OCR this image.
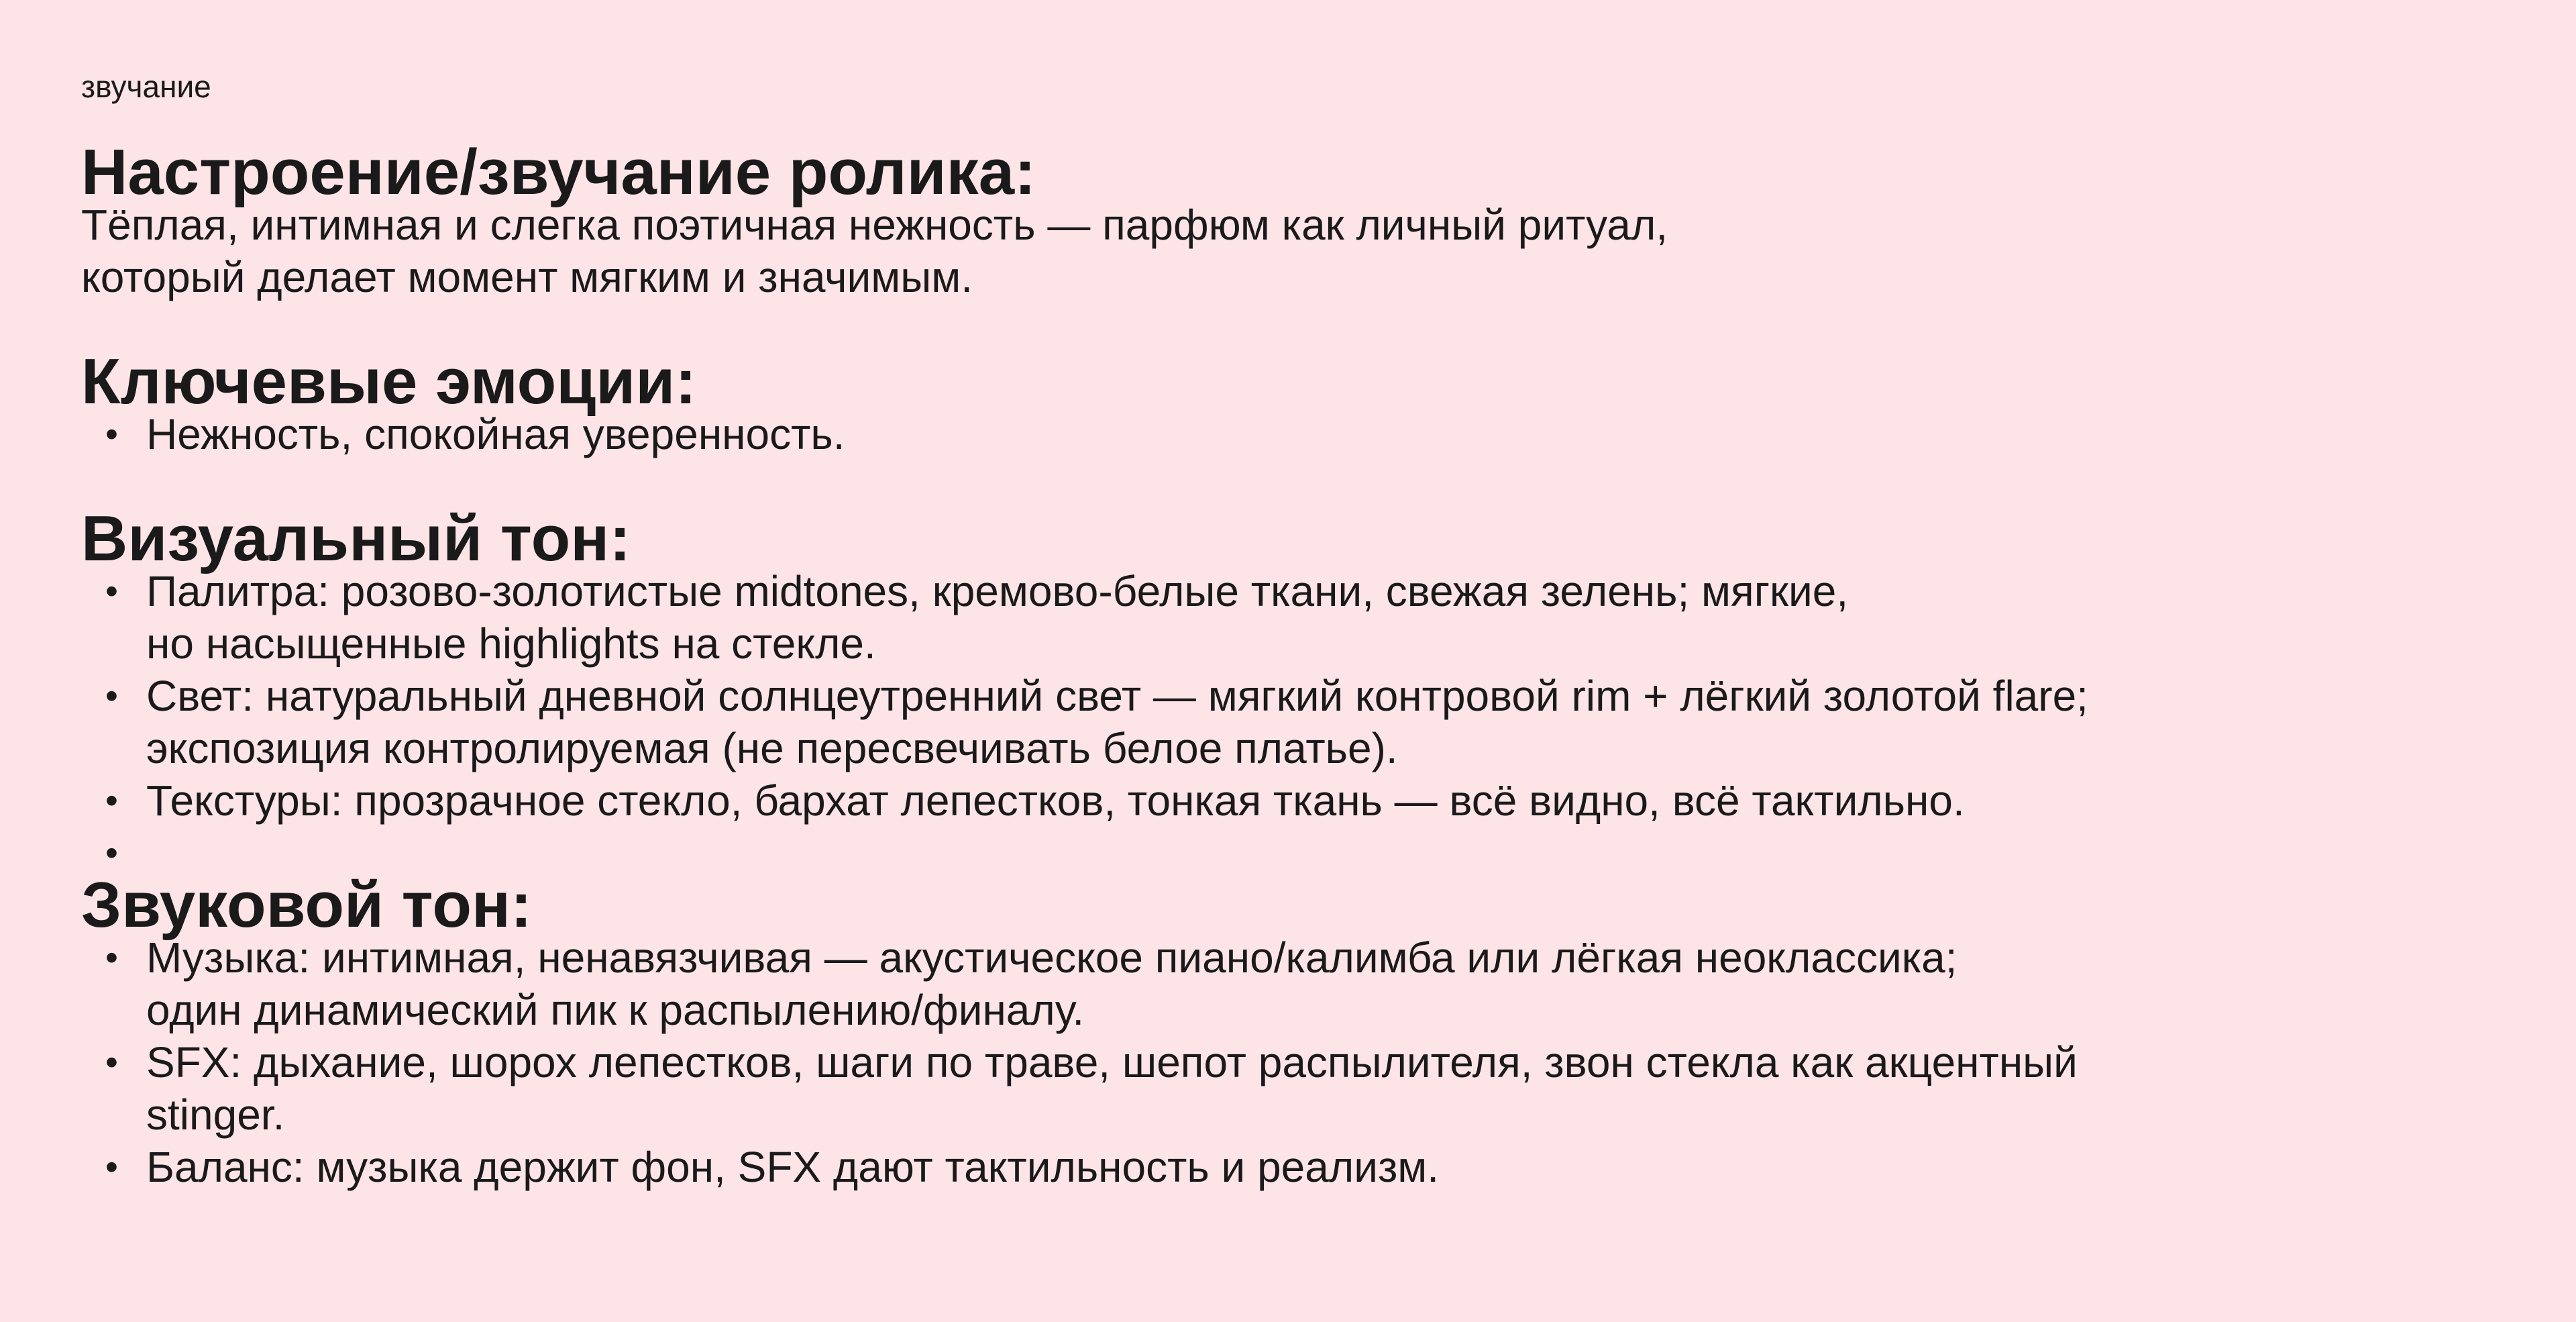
звучание
Настроение/звучание ролика:
Тёплая, интимная и слегка поэтичная нежность — парфюм как личный ритуал,
который делает момент мягким и значимым.
Ключевые эмоции:
• Нежность, спокойная уверенность.
Визуальный тон:
• Палитра: розово-золотистые midtones, кремово-белые ткани, свежая зелень; мягкие,
но насыщенные highlights на стекле.
• Свет: натуральный дневной солнцеутренний свет — мягкий контровой rim + лёгкий золотой flare;
экспозиция контролируемая (не пересвечивать белое платье).
• Текстуры: прозрачное стекло, бархат лепестков, тонкая ткань — всё видно, всё тактильно.
•
Звуковой тон:
• Музыка: интимная, ненавязчивая — акустическое пиано/калимба или лёгкая неоклассика;
один динамический пик к распылению/финалу.
• SFX: дыхание, шорох лепестков, шаги по траве, шепот распылителя, звон стекла как акцентный
stinger.
• Баланс: музыка держит фон, SFX дают тактильность и реализм.
